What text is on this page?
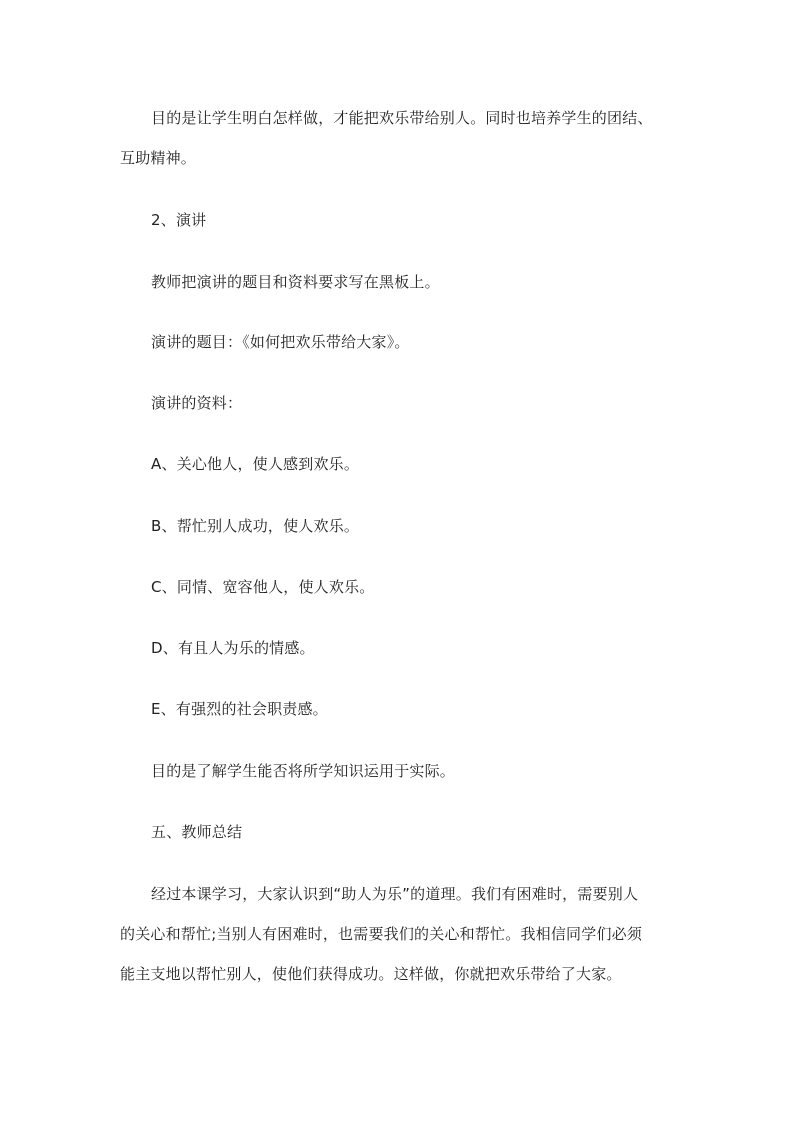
目的是让学生明白怎样做，才能把欢乐带给别人。同时也培养学生的团结、
互助精神。

2、演讲

教师把演讲的题目和资料要求写在黑板上。

演讲的题目：《如何把欢乐带给大家》。

演讲的资料：

A、关心他人，使人感到欢乐。

B、帮忙别人成功，使人欢乐。

C、同情、宽容他人，使人欢乐。

D、有且人为乐的情感。

E、有强烈的社会职责感。

目的是了解学生能否将所学知识运用于实际。

五、教师总结

经过本课学习，大家认识到“助人为乐”的道理。我们有困难时，需要别人
的关心和帮忙;当别人有困难时，也需要我们的关心和帮忙。我相信同学们必须
能主支地以帮忙别人，使他们获得成功。这样做，你就把欢乐带给了大家。
